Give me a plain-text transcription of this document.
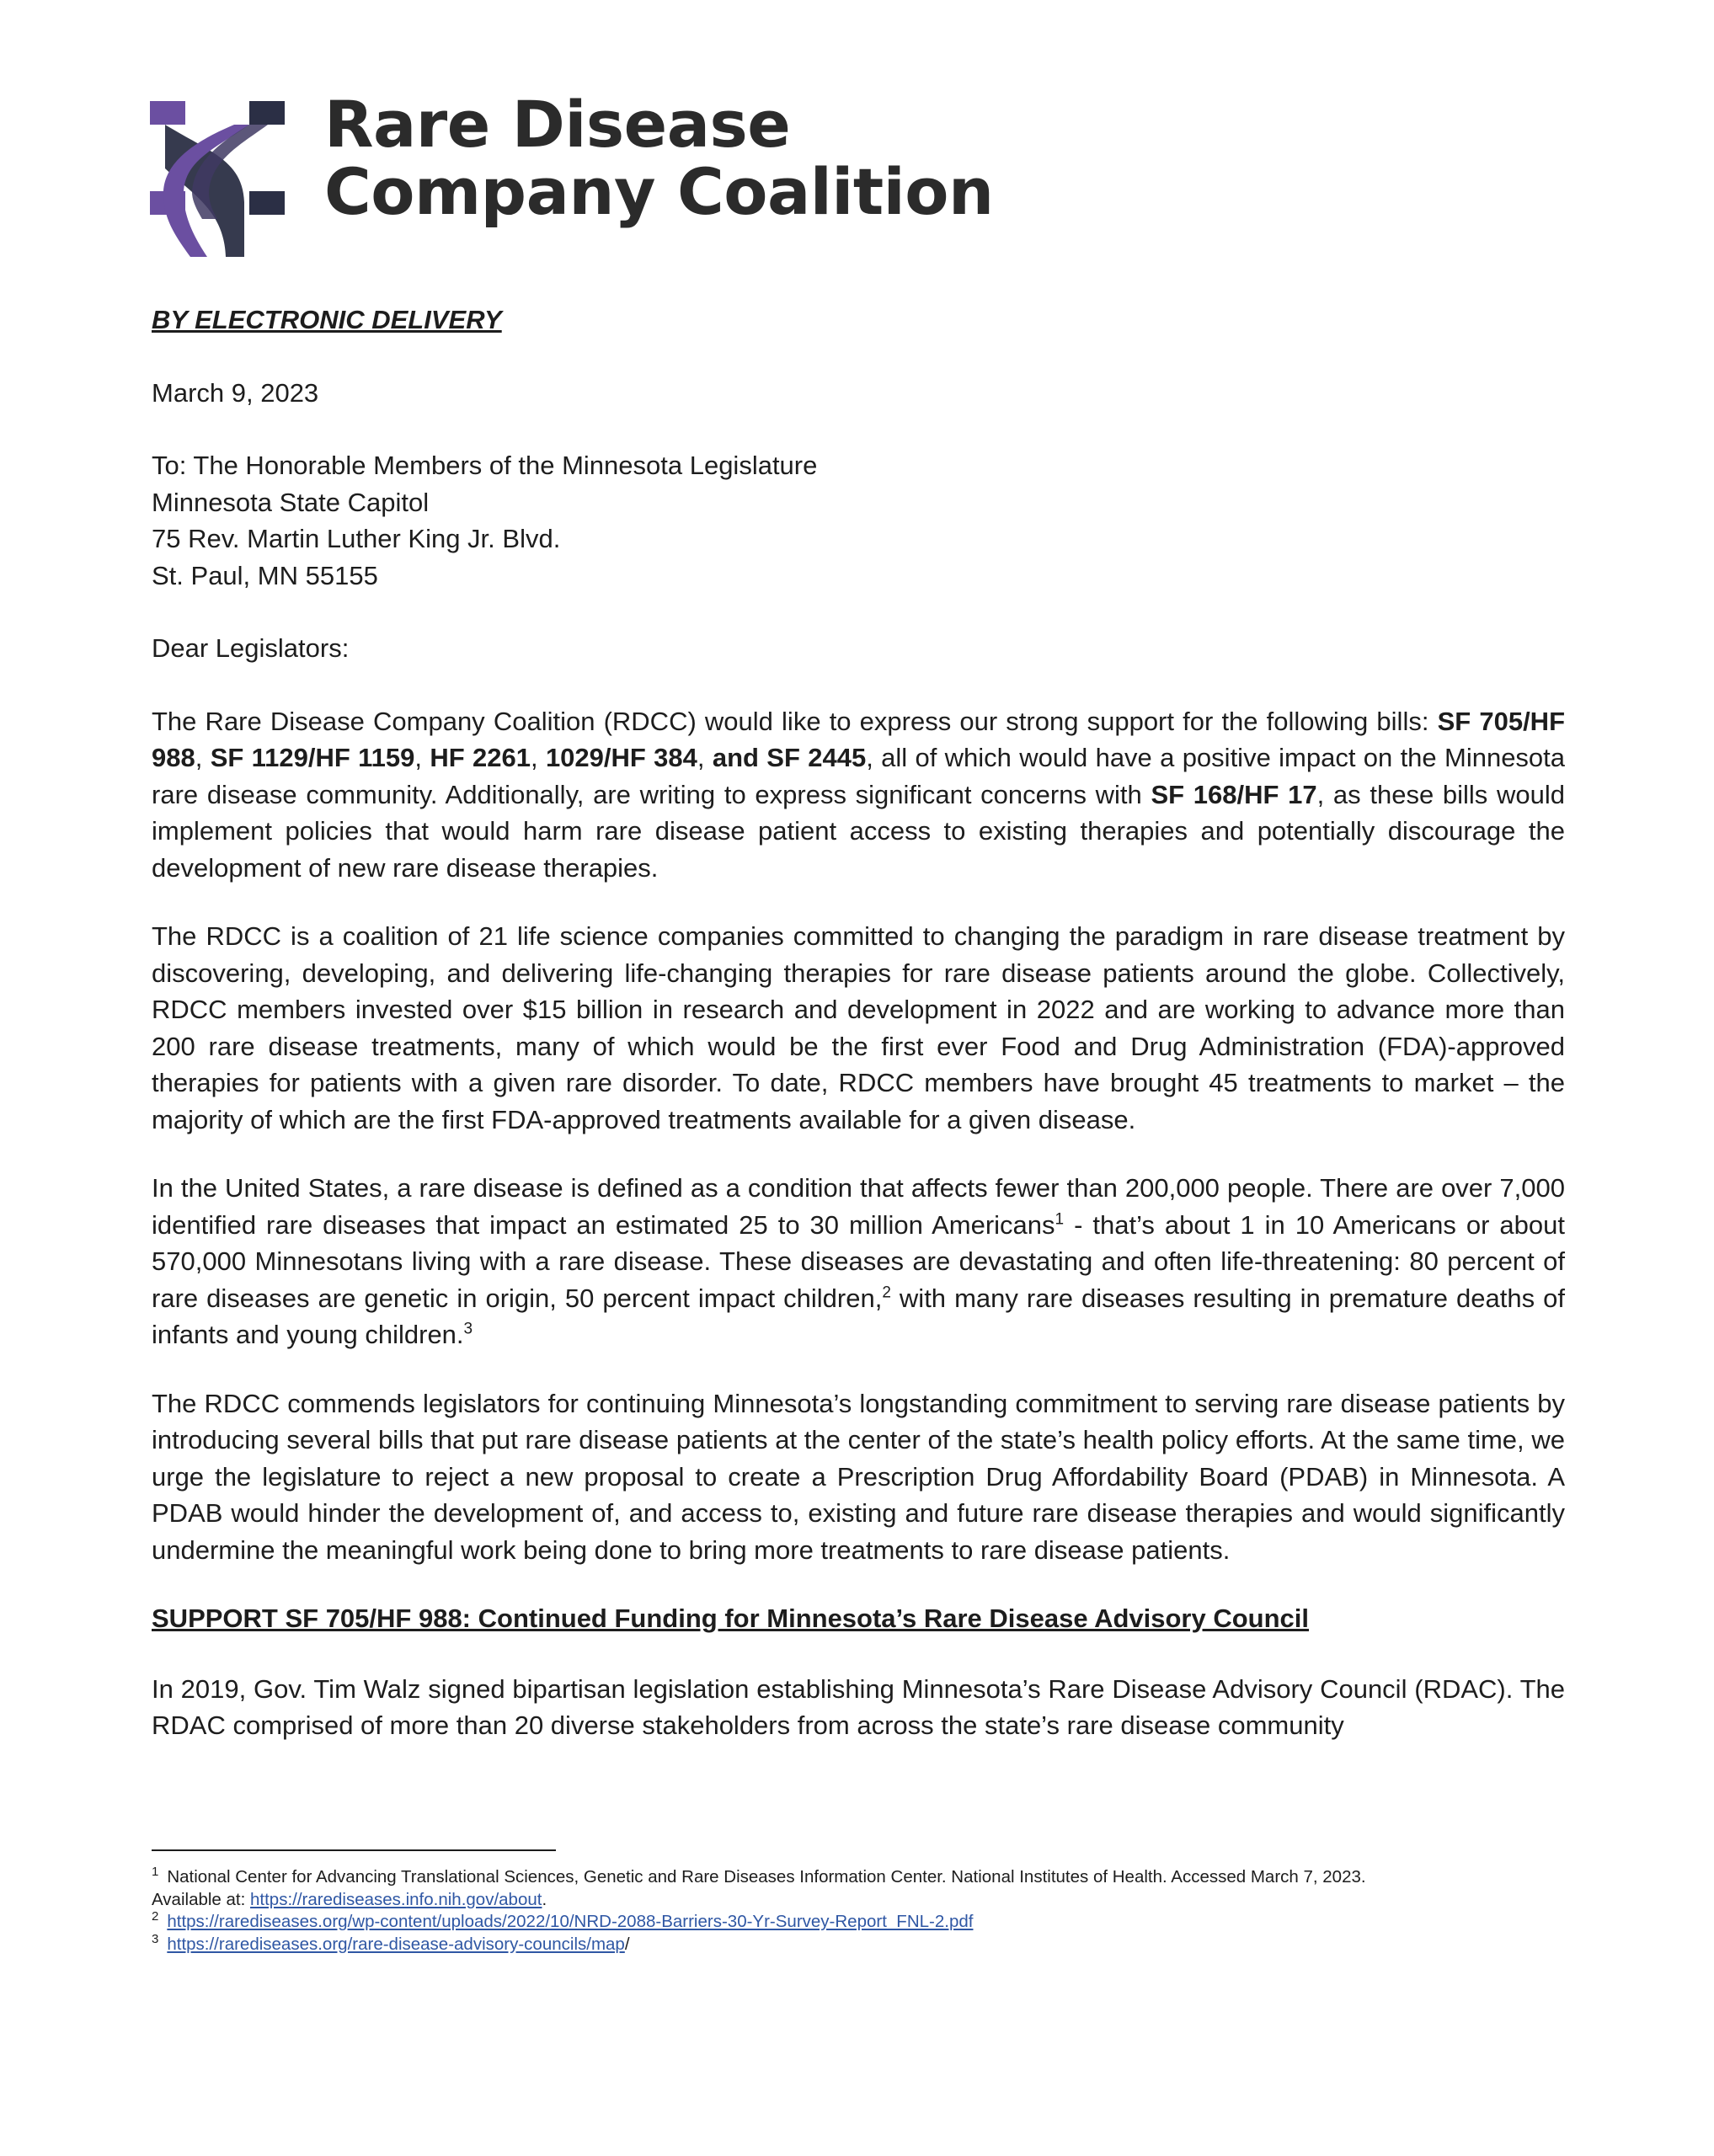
Rare Disease
Company Coalition
BY ELECTRONIC DELIVERY
March 9, 2023
To: The Honorable Members of the Minnesota Legislature
Minnesota State Capitol
75 Rev. Martin Luther King Jr. Blvd.
St. Paul, MN 55155
Dear Legislators:

The Rare Disease Company Coalition (RDCC) would like to express our strong support for the following bills: SF 705/HF 988, SF 1129/HF 1159, HF 2261, 1029/HF 384, and SF 2445, all of which would have a positive impact on the Minnesota rare disease community. Additionally, are writing to express significant concerns with SF 168/HF 17, as these bills would implement policies that would harm rare disease patient access to existing therapies and potentially discourage the development of new rare disease therapies.

The RDCC is a coalition of 21 life science companies committed to changing the paradigm in rare disease treatment by discovering, developing, and delivering life-changing therapies for rare disease patients around the globe. Collectively, RDCC members invested over $15 billion in research and development in 2022 and are working to advance more than 200 rare disease treatments, many of which would be the first ever Food and Drug Administration (FDA)-approved therapies for patients with a given rare disorder. To date, RDCC members have brought 45 treatments to market – the majority of which are the first FDA-approved treatments available for a given disease.

In the United States, a rare disease is defined as a condition that affects fewer than 200,000 people. There are over 7,000 identified rare diseases that impact an estimated 25 to 30 million Americans$^1$ - that’s about 1 in 10 Americans or about 570,000 Minnesotans living with a rare disease. These diseases are devastating and often life-threatening: 80 percent of rare diseases are genetic in origin, 50 percent impact children,$^2$ with many rare diseases resulting in premature deaths of infants and young children.$^3$

The RDCC commends legislators for continuing Minnesota’s longstanding commitment to serving rare disease patients by introducing several bills that put rare disease patients at the center of the state’s health policy efforts. At the same time, we urge the legislature to reject a new proposal to create a Prescription Drug Affordability Board (PDAB) in Minnesota. A PDAB would hinder the development of, and access to, existing and future rare disease therapies and would significantly undermine the meaningful work being done to bring more treatments to rare disease patients.

SUPPORT SF 705/HF 988: Continued Funding for Minnesota’s Rare Disease Advisory Council

In 2019, Gov. Tim Walz signed bipartisan legislation establishing Minnesota’s Rare Disease Advisory Council (RDAC). The RDAC comprised of more than 20 diverse stakeholders from across the state’s rare disease community

$^1$ National Center for Advancing Translational Sciences, Genetic and Rare Diseases Information Center. National Institutes of Health. Accessed March 7, 2023.
Available at: https://rarediseases.info.nih.gov/about.
$^2$ https://rarediseases.org/wp-content/uploads/2022/10/NRD-2088-Barriers-30-Yr-Survey-Report_FNL-2.pdf
$^3$ https://rarediseases.org/rare-disease-advisory-councils/map/
